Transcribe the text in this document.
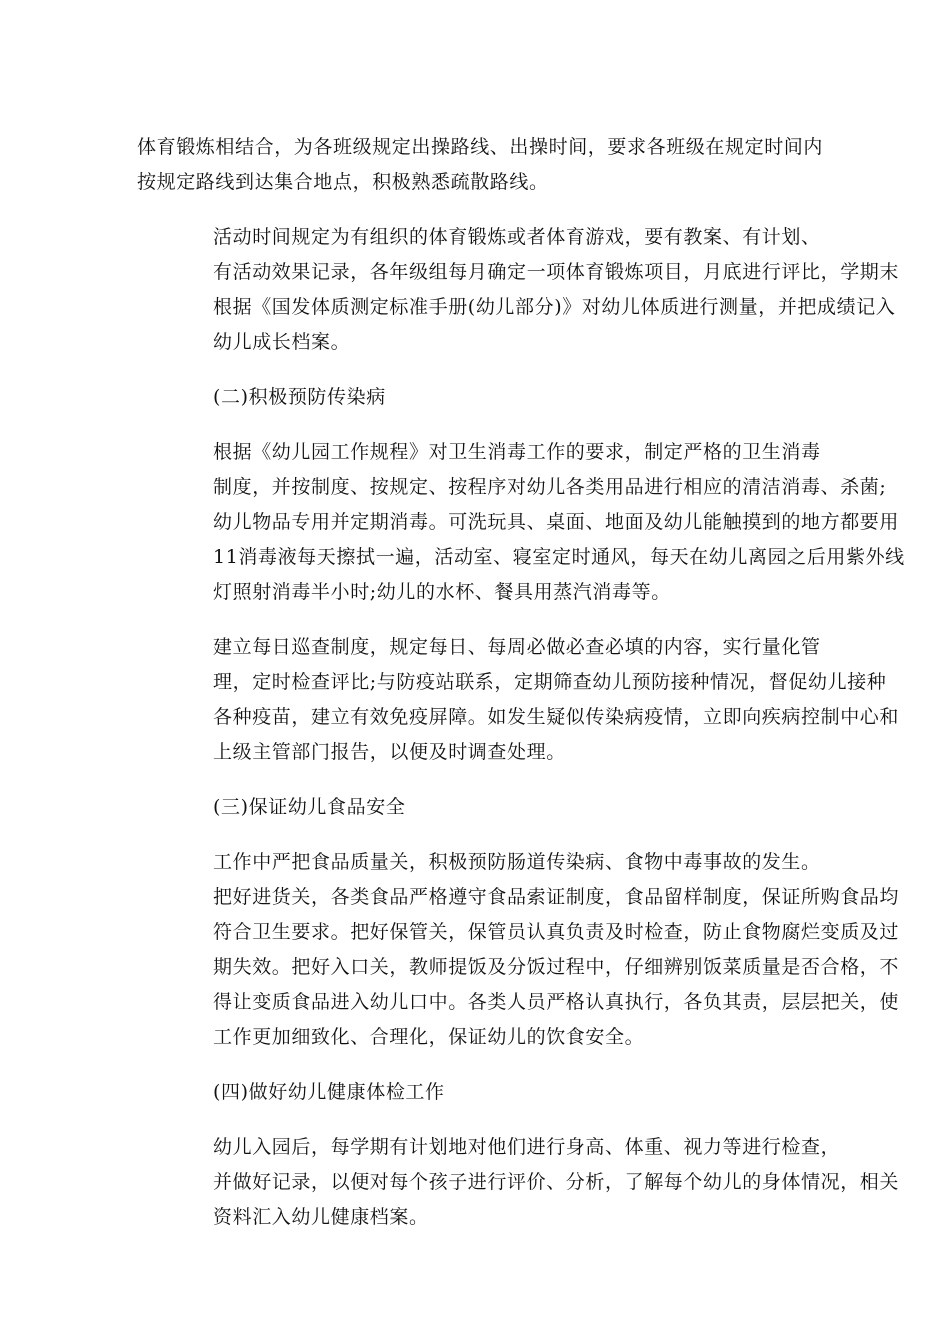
体育锻炼相结合，为各班级规定出操路线、出操时间，要求各班级在规定时间内
按规定路线到达集合地点，积极熟悉疏散路线。
活动时间规定为有组织的体育锻炼或者体育游戏，要有教案、有计划、
有活动效果记录，各年级组每月确定一项体育锻炼项目，月底进行评比，学期末
根据《国发体质测定标准手册(幼儿部分)》对幼儿体质进行测量，并把成绩记入
幼儿成长档案。
(二)积极预防传染病
根据《幼儿园工作规程》对卫生消毒工作的要求，制定严格的卫生消毒
制度，并按制度、按规定、按程序对幼儿各类用品进行相应的清洁消毒、杀菌;
幼儿物品专用并定期消毒。可洗玩具、桌面、地面及幼儿能触摸到的地方都要用
11消毒液每天擦拭一遍，活动室、寝室定时通风，每天在幼儿离园之后用紫外线
灯照射消毒半小时;幼儿的水杯、餐具用蒸汽消毒等。
建立每日巡查制度，规定每日、每周必做必查必填的内容，实行量化管
理，定时检查评比;与防疫站联系，定期筛查幼儿预防接种情况，督促幼儿接种
各种疫苗，建立有效免疫屏障。如发生疑似传染病疫情，立即向疾病控制中心和
上级主管部门报告，以便及时调查处理。
(三)保证幼儿食品安全
工作中严把食品质量关，积极预防肠道传染病、食物中毒事故的发生。
把好进货关，各类食品严格遵守食品索证制度，食品留样制度，保证所购食品均
符合卫生要求。把好保管关，保管员认真负责及时检查，防止食物腐烂变质及过
期失效。把好入口关，教师提饭及分饭过程中，仔细辨别饭菜质量是否合格，不
得让变质食品进入幼儿口中。各类人员严格认真执行，各负其责，层层把关，使
工作更加细致化、合理化，保证幼儿的饮食安全。
(四)做好幼儿健康体检工作
幼儿入园后，每学期有计划地对他们进行身高、体重、视力等进行检查，
并做好记录，以便对每个孩子进行评价、分析，了解每个幼儿的身体情况，相关
资料汇入幼儿健康档案。
